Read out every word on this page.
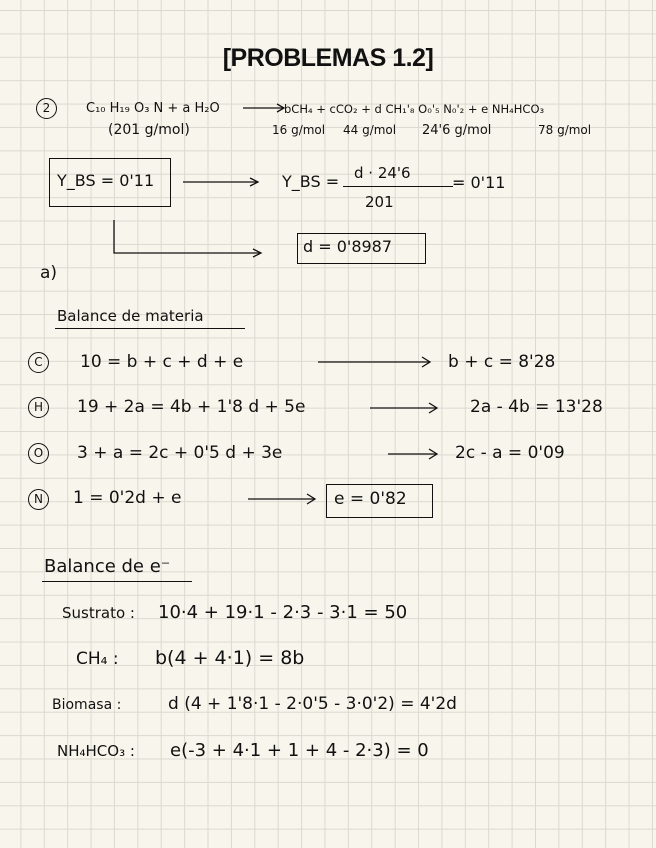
[PROBLEMAS 1.2]
2	C₁₀ H₁₉ O₃ N + a H₂O →
bCH₄ + cCO₂ + d CH₁'₈ O₀'₅ N₀'₂ + e NH₄HCO₃
(201 g/mol)	16 g/mol 44 g/mol 24'6 g/mol	78 g/mol
Y_BS = 0'11	Y_BS = d · 24'6
201
= 0'11
d = 0'8987
a)
Balance de materia
C	10 = b + c + d + e	b + c = 8'28
H	19 + 2a = 4b + 1'8 d + 5e	2a - 4b = 13'28
O	3 + a = 2c + 0'5 d + 3e	2c - a = 0'09
N	1 = 0'2d + e	e = 0'82
Balance de e⁻
Sustrato : 10·4 + 19·1 - 2·3 - 3·1 = 50
CH₄ : b(4 + 4·1) = 8b
Biomasa :	d (4 + 1'8·1 - 2·0'5 - 3·0'2) = 4'2d
NH₄HCO₃ : e(-3 + 4·1 + 1 + 4 - 2·3) = 0
